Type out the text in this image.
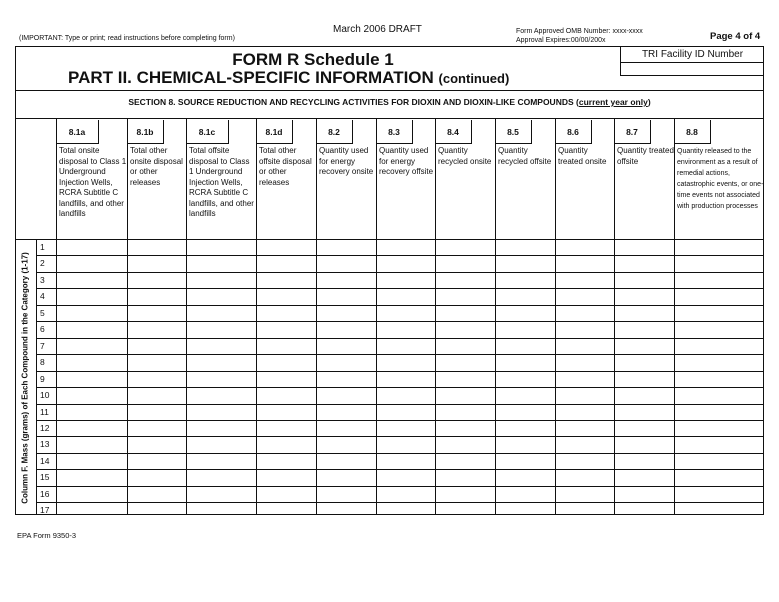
March 2006 DRAFT
(IMPORTANT: Type or print; read instructions before completing form)
Form Approved OMB Number: xxxx-xxxx
Approval Expires:00/00/200x	Page 4 of 4
FORM R Schedule 1
PART II. CHEMICAL-SPECIFIC INFORMATION (continued)
TRI Facility ID Number
SECTION 8. SOURCE REDUCTION AND RECYCLING ACTIVITIES FOR DIOXIN AND DIOXIN-LIKE COMPOUNDS (current year only)
8.1a
Total onsite disposal to Class 1 Underground Injection Wells, RCRA Subtitle C landfills, and other landfills
8.1b
Total other onsite disposal or other releases
8.1c
Total offsite disposal to Class 1 Underground Injection Wells, RCRA Subtitle C landfills, and other landfills
8.1d
Total other offsite disposal or other releases
8.2
Quantity used for energy recovery onsite
8.3
Quantity used for energy recovery offsite
8.4
Quantity recycled onsite
8.5
Quantity recycled offsite
8.6
Quantity treated onsite
8.7
Quantity treated offsite
8.8
Quantity released to the environment as a result of remedial actions, catastrophic events, or one-time events not associated with production processes
1
2
3
4
5
6
7
8
9
10
11
12
13
14
15
16
17
Column F. Mass (grams) of Each Compound in the Category (1-17)
EPA Form 9350-3
